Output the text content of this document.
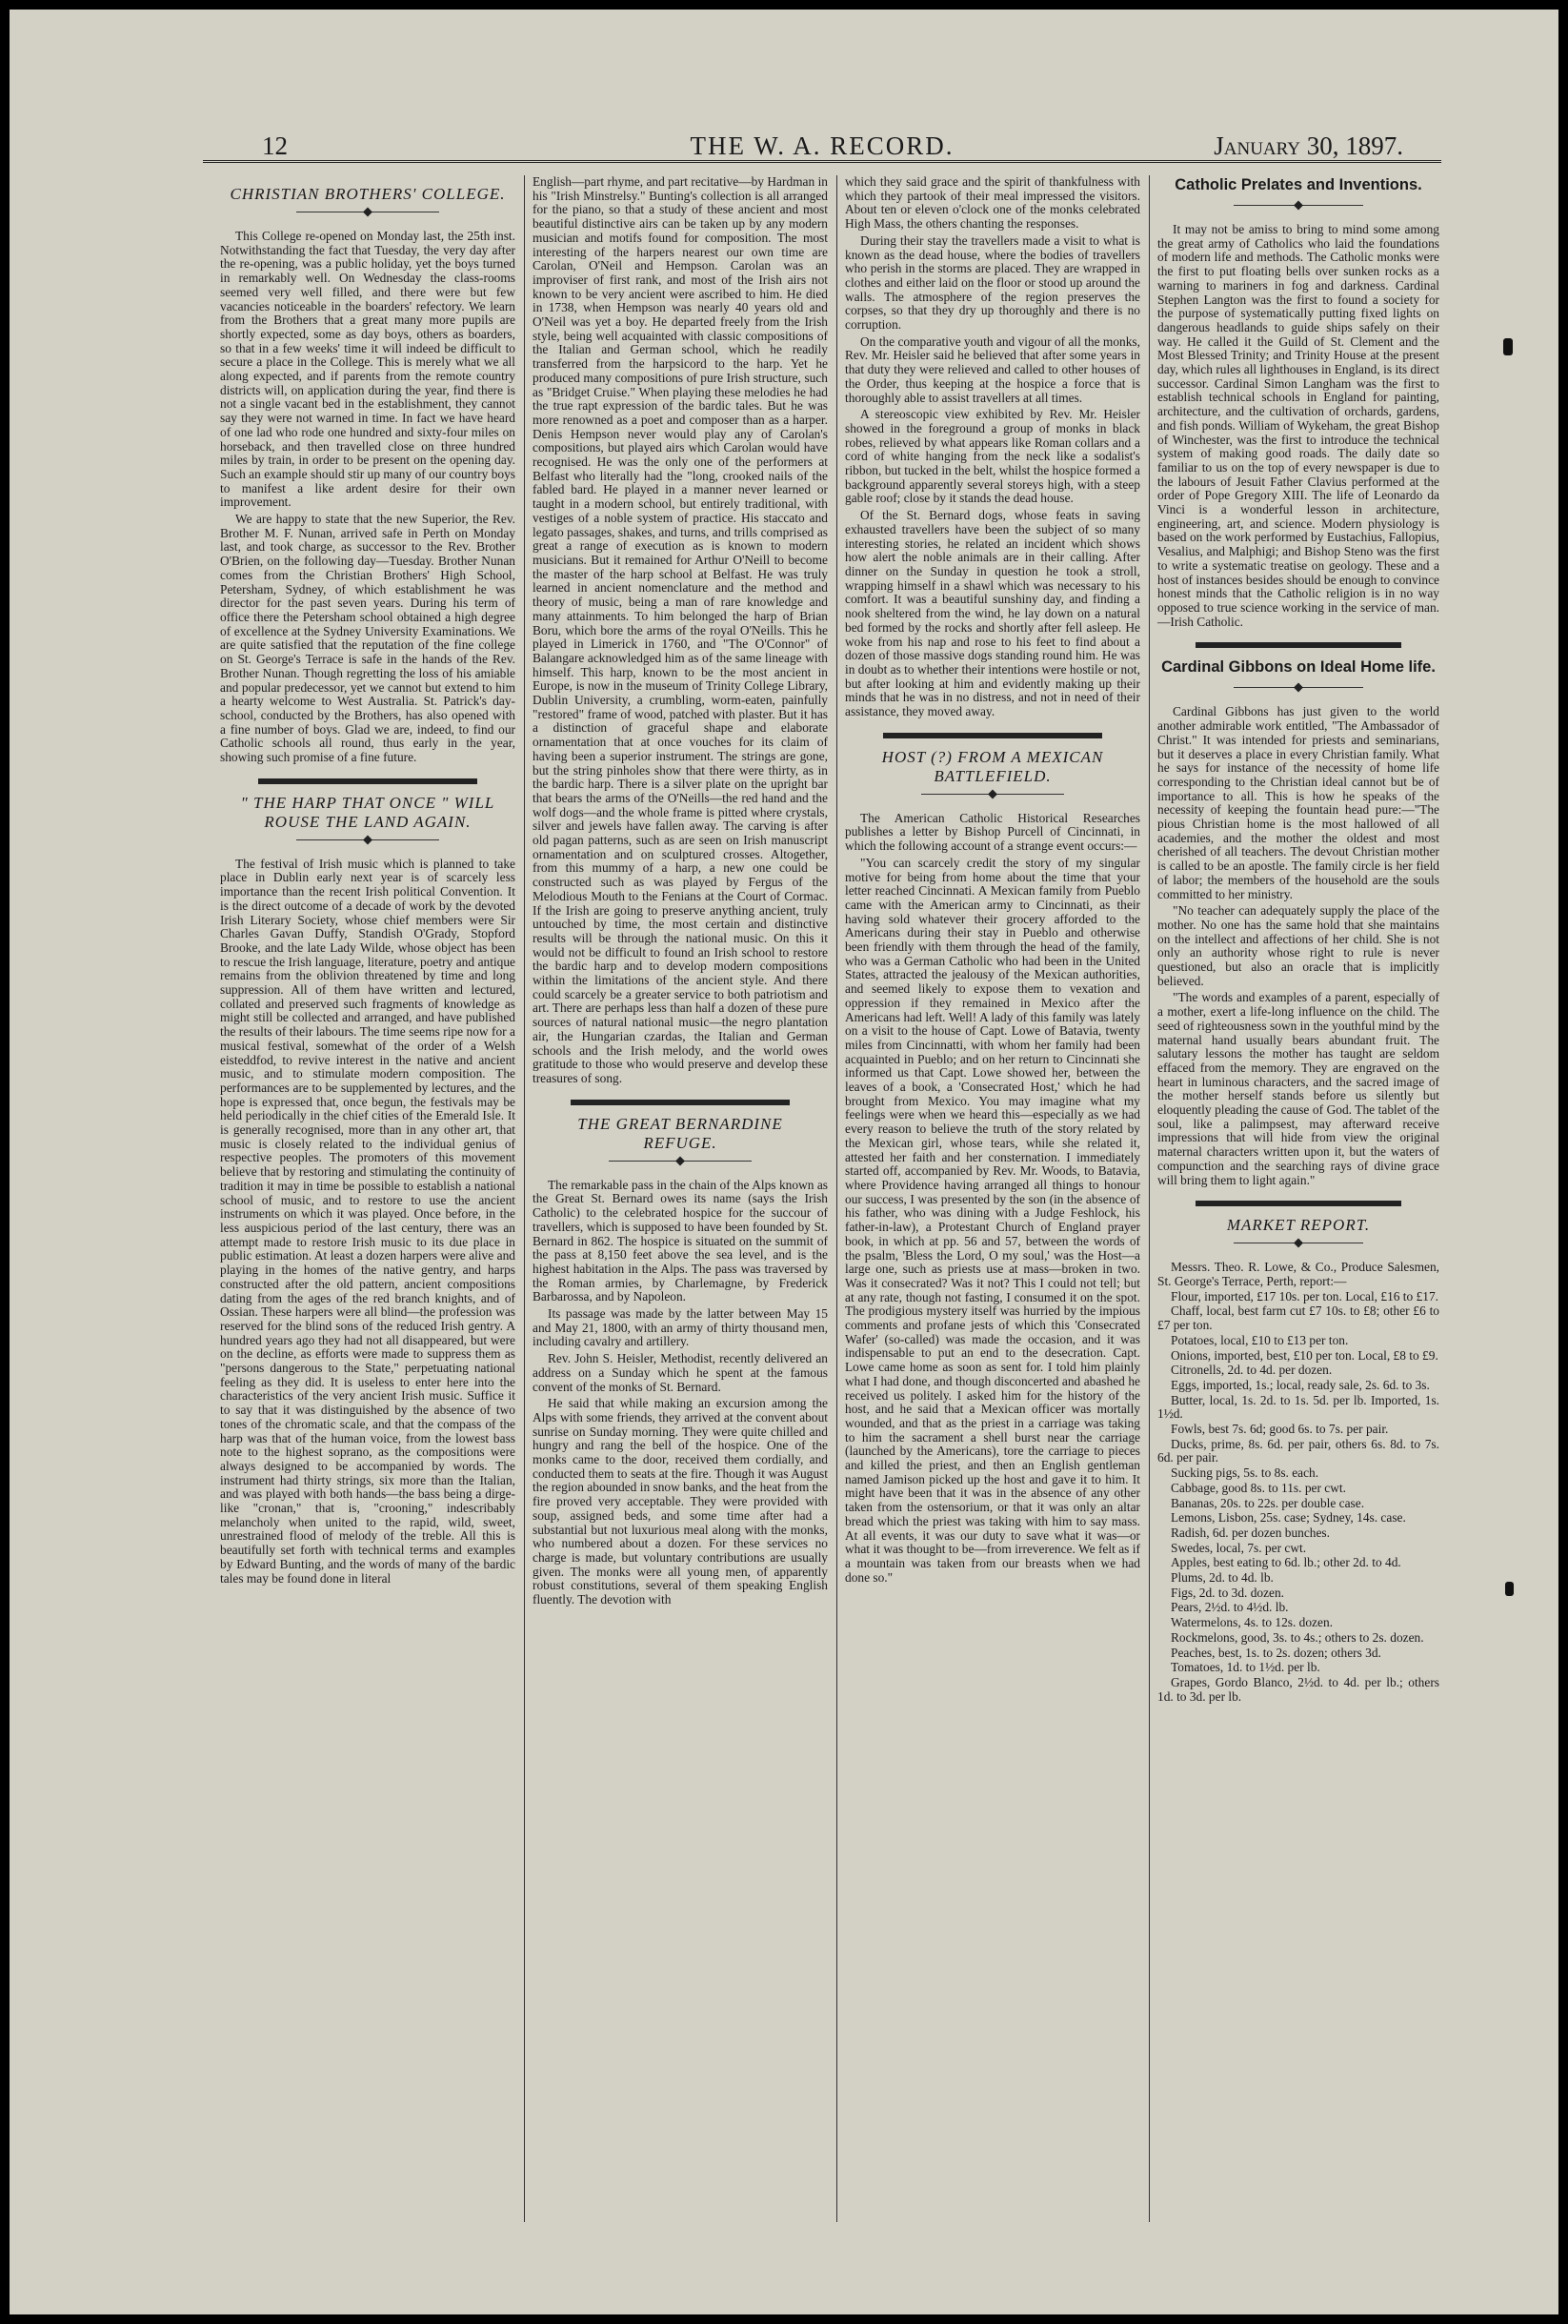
12	THE W. A. RECORD.	January 30, 1897.
CHRISTIAN BROTHERS' COLLEGE.

This College re-opened on Monday last, the 25th inst. Notwithstanding the fact that Tuesday, the very day after the re-opening, was a public holiday, yet the boys turned in remarkably well. On Wednesday the class-rooms seemed very well filled, and there were but few vacancies noticeable in the boarders' refectory. We learn from the Brothers that a great many more pupils are shortly expected, some as day boys, others as boarders, so that in a few weeks' time it will indeed be difficult to secure a place in the College. This is merely what we all along expected, and if parents from the remote country districts will, on application during the year, find there is not a single vacant bed in the establishment, they cannot say they were not warned in time. In fact we have heard of one lad who rode one hundred and sixty-four miles on horseback, and then travelled close on three hundred miles by train, in order to be present on the opening day. Such an example should stir up many of our country boys to manifest a like ardent desire for their own improvement.

We are happy to state that the new Superior, the Rev. Brother M. F. Nunan, arrived safe in Perth on Monday last, and took charge, as successor to the Rev. Brother O'Brien, on the following day—Tuesday. Brother Nunan comes from the Christian Brothers' High School, Petersham, Sydney, of which establishment he was director for the past seven years. During his term of office there the Petersham school obtained a high degree of excellence at the Sydney University Examinations. We are quite satisfied that the reputation of the fine college on St. George's Terrace is safe in the hands of the Rev. Brother Nunan. Though regretting the loss of his amiable and popular predecessor, yet we cannot but extend to him a hearty welcome to West Australia. St. Patrick's day-school, conducted by the Brothers, has also opened with a fine number of boys. Glad we are, indeed, to find our Catholic schools all round, thus early in the year, showing such promise of a fine future.

" THE HARP THAT ONCE " WILL ROUSE THE LAND AGAIN.

The festival of Irish music which is planned to take place in Dublin early next year is of scarcely less importance than the recent Irish political Convention. It is the direct outcome of a decade of work by the devoted Irish Literary Society, whose chief members were Sir Charles Gavan Duffy, Standish O'Grady, Stopford Brooke, and the late Lady Wilde, whose object has been to rescue the Irish language, literature, poetry and antique remains from the oblivion threatened by time and long suppression. All of them have written and lectured, collated and preserved such fragments of knowledge as might still be collected and arranged, and have published the results of their labours. The time seems ripe now for a musical festival, somewhat of the order of a Welsh eisteddfod, to revive interest in the native and ancient music, and to stimulate modern composition. The performances are to be supplemented by lectures, and the hope is expressed that, once begun, the festivals may be held periodically in the chief cities of the Emerald Isle. It is generally recognised, more than in any other art, that music is closely related to the individual genius of respective peoples. The promoters of this movement believe that by restoring and stimulating the continuity of tradition it may in time be possible to establish a national school of music, and to restore to use the ancient instruments on which it was played. Once before, in the less auspicious period of the last century, there was an attempt made to restore Irish music to its due place in public estimation. At least a dozen harpers were alive and playing in the homes of the native gentry, and harps constructed after the old pattern, ancient compositions dating from the ages of the red branch knights, and of Ossian. These harpers were all blind—the profession was reserved for the blind sons of the reduced Irish gentry. A hundred years ago they had not all disappeared, but were on the decline, as efforts were made to suppress them as "persons dangerous to the State," perpetuating national feeling as they did. It is useless to enter here into the characteristics of the very ancient Irish music. Suffice it to say that it was distinguished by the absence of two tones of the chromatic scale, and that the compass of the harp was that of the human voice, from the lowest bass note to the highest soprano, as the compositions were always designed to be accompanied by words. The instrument had thirty strings, six more than the Italian, and was played with both hands—the bass being a dirge-like "cronan," that is, "crooning," indescribably melancholy when united to the rapid, wild, sweet, unrestrained flood of melody of the treble. All this is beautifully set forth with technical terms and examples by Edward Bunting, and the words of many of the bardic tales may be found done in literal

English—part rhyme, and part recitative—by Hardman in his "Irish Minstrelsy." Bunting's collection is all arranged for the piano, so that a study of these ancient and most beautiful distinctive airs can be taken up by any modern musician and motifs found for composition. The most interesting of the harpers nearest our own time are Carolan, O'Neil and Hempson. Carolan was an improviser of first rank, and most of the Irish airs not known to be very ancient were ascribed to him. He died in 1738, when Hempson was nearly 40 years old and O'Neil was yet a boy. He departed freely from the Irish style, being well acquainted with classic compositions of the Italian and German school, which he readily transferred from the harpsicord to the harp. Yet he produced many compositions of pure Irish structure, such as "Bridget Cruise." When playing these melodies he had the true rapt expression of the bardic tales. But he was more renowned as a poet and composer than as a harper. Denis Hempson never would play any of Carolan's compositions, but played airs which Carolan would have recognised. He was the only one of the performers at Belfast who literally had the "long, crooked nails of the fabled bard. He played in a manner never learned or taught in a modern school, but entirely traditional, with vestiges of a noble system of practice. His staccato and legato passages, shakes, and turns, and trills comprised as great a range of execution as is known to modern musicians. But it remained for Arthur O'Neill to become the master of the harp school at Belfast. He was truly learned in ancient nomenclature and the method and theory of music, being a man of rare knowledge and many attainments. To him belonged the harp of Brian Boru, which bore the arms of the royal O'Neills. This he played in Limerick in 1760, and "The O'Connor" of Balangare acknowledged him as of the same lineage with himself. This harp, known to be the most ancient in Europe, is now in the museum of Trinity College Library, Dublin University, a crumbling, worm-eaten, painfully "restored" frame of wood, patched with plaster. But it has a distinction of graceful shape and elaborate ornamentation that at once vouches for its claim of having been a superior instrument. The strings are gone, but the string pinholes show that there were thirty, as in the bardic harp. There is a silver plate on the upright bar that bears the arms of the O'Neills—the red hand and the wolf dogs—and the whole frame is pitted where crystals, silver and jewels have fallen away. The carving is after old pagan patterns, such as are seen on Irish manuscript ornamentation and on sculptured crosses. Altogether, from this mummy of a harp, a new one could be constructed such as was played by Fergus of the Melodious Mouth to the Fenians at the Court of Cormac. If the Irish are going to preserve anything ancient, truly untouched by time, the most certain and distinctive results will be through the national music. On this it would not be difficult to found an Irish school to restore the bardic harp and to develop modern compositions within the limitations of the ancient style. And there could scarcely be a greater service to both patriotism and art. There are perhaps less than half a dozen of these pure sources of natural national music—the negro plantation air, the Hungarian czardas, the Italian and German schools and the Irish melody, and the world owes gratitude to those who would preserve and develop these treasures of song.

THE GREAT BERNARDINE REFUGE.

The remarkable pass in the chain of the Alps known as the Great St. Bernard owes its name (says the Irish Catholic) to the celebrated hospice for the succour of travellers, which is supposed to have been founded by St. Bernard in 862. The hospice is situated on the summit of the pass at 8,150 feet above the sea level, and is the highest habitation in the Alps. The pass was traversed by the Roman armies, by Charlemagne, by Frederick Barbarossa, and by Napoleon.

Its passage was made by the latter between May 15 and May 21, 1800, with an army of thirty thousand men, including cavalry and artillery.

Rev. John S. Heisler, Methodist, recently delivered an address on a Sunday which he spent at the famous convent of the monks of St. Bernard.

He said that while making an excursion among the Alps with some friends, they arrived at the convent about sunrise on Sunday morning. They were quite chilled and hungry and rang the bell of the hospice. One of the monks came to the door, received them cordially, and conducted them to seats at the fire. Though it was August the region abounded in snow banks, and the heat from the fire proved very acceptable. They were provided with soup, assigned beds, and some time after had a substantial but not luxurious meal along with the monks, who numbered about a dozen. For these services no charge is made, but voluntary contributions are usually given. The monks were all young men, of apparently robust constitutions, several of them speaking English fluently. The devotion with

which they said grace and the spirit of thankfulness with which they partook of their meal impressed the visitors. About ten or eleven o'clock one of the monks celebrated High Mass, the others chanting the responses.

During their stay the travellers made a visit to what is known as the dead house, where the bodies of travellers who perish in the storms are placed. They are wrapped in clothes and either laid on the floor or stood up around the walls. The atmosphere of the region preserves the corpses, so that they dry up thoroughly and there is no corruption.

On the comparative youth and vigour of all the monks, Rev. Mr. Heisler said he believed that after some years in that duty they were relieved and called to other houses of the Order, thus keeping at the hospice a force that is thoroughly able to assist travellers at all times.

A stereoscopic view exhibited by Rev. Mr. Heisler showed in the foreground a group of monks in black robes, relieved by what appears like Roman collars and a cord of white hanging from the neck like a sodalist's ribbon, but tucked in the belt, whilst the hospice formed a background apparently several storeys high, with a steep gable roof; close by it stands the dead house.

Of the St. Bernard dogs, whose feats in saving exhausted travellers have been the subject of so many interesting stories, he related an incident which shows how alert the noble animals are in their calling. After dinner on the Sunday in question he took a stroll, wrapping himself in a shawl which was necessary to his comfort. It was a beautiful sunshiny day, and finding a nook sheltered from the wind, he lay down on a natural bed formed by the rocks and shortly after fell asleep. He woke from his nap and rose to his feet to find about a dozen of those massive dogs standing round him. He was in doubt as to whether their intentions were hostile or not, but after looking at him and evidently making up their minds that he was in no distress, and not in need of their assistance, they moved away.

HOST (?) FROM A MEXICAN BATTLEFIELD.

The American Catholic Historical Researches publishes a letter by Bishop Purcell of Cincinnati, in which the following account of a strange event occurs:—

"You can scarcely credit the story of my singular motive for being from home about the time that your letter reached Cincinnati. A Mexican family from Pueblo came with the American army to Cincinnati, as their having sold whatever their grocery afforded to the Americans during their stay in Pueblo and otherwise been friendly with them through the head of the family, who was a German Catholic who had been in the United States, attracted the jealousy of the Mexican authorities, and seemed likely to expose them to vexation and oppression if they remained in Mexico after the Americans had left. Well! A lady of this family was lately on a visit to the house of Capt. Lowe of Batavia, twenty miles from Cincinnatti, with whom her family had been acquainted in Pueblo; and on her return to Cincinnati she informed us that Capt. Lowe showed her, between the leaves of a book, a 'Consecrated Host,' which he had brought from Mexico. You may imagine what my feelings were when we heard this—especially as we had every reason to believe the truth of the story related by the Mexican girl, whose tears, while she related it, attested her faith and her consternation. I immediately started off, accompanied by Rev. Mr. Woods, to Batavia, where Providence having arranged all things to honour our success, I was presented by the son (in the absence of his father, who was dining with a Judge Feshlock, his father-in-law), a Protestant Church of England prayer book, in which at pp. 56 and 57, between the words of the psalm, 'Bless the Lord, O my soul,' was the Host—a large one, such as priests use at mass—broken in two. Was it consecrated? Was it not? This I could not tell; but at any rate, though not fasting, I consumed it on the spot. The prodigious mystery itself was hurried by the impious comments and profane jests of which this 'Consecrated Wafer' (so-called) was made the occasion, and it was indispensable to put an end to the desecration. Capt. Lowe came home as soon as sent for. I told him plainly what I had done, and though disconcerted and abashed he received us politely. I asked him for the history of the host, and he said that a Mexican officer was mortally wounded, and that as the priest in a carriage was taking to him the sacrament a shell burst near the carriage (launched by the Americans), tore the carriage to pieces and killed the priest, and then an English gentleman named Jamison picked up the host and gave it to him. It might have been that it was in the absence of any other taken from the ostensorium, or that it was only an altar bread which the priest was taking with him to say mass. At all events, it was our duty to save what it was—or what it was thought to be—from irreverence. We felt as if a mountain was taken from our breasts when we had done so."

Catholic Prelates and Inventions.

It may not be amiss to bring to mind some among the great army of Catholics who laid the foundations of modern life and methods. The Catholic monks were the first to put floating bells over sunken rocks as a warning to mariners in fog and darkness. Cardinal Stephen Langton was the first to found a society for the purpose of systematically putting fixed lights on dangerous headlands to guide ships safely on their way. He called it the Guild of St. Clement and the Most Blessed Trinity; and Trinity House at the present day, which rules all lighthouses in England, is its direct successor. Cardinal Simon Langham was the first to establish technical schools in England for painting, architecture, and the cultivation of orchards, gardens, and fish ponds. William of Wykeham, the great Bishop of Winchester, was the first to introduce the technical system of making good roads. The daily date so familiar to us on the top of every newspaper is due to the labours of Jesuit Father Clavius performed at the order of Pope Gregory XIII. The life of Leonardo da Vinci is a wonderful lesson in architecture, engineering, art, and science. Modern physiology is based on the work performed by Eustachius, Fallopius, Vesalius, and Malphigi; and Bishop Steno was the first to write a systematic treatise on geology. These and a host of instances besides should be enough to convince honest minds that the Catholic religion is in no way opposed to true science working in the service of man.—Irish Catholic.

Cardinal Gibbons on Ideal Home life.

Cardinal Gibbons has just given to the world another admirable work entitled, "The Ambassador of Christ." It was intended for priests and seminarians, but it deserves a place in every Christian family. What he says for instance of the necessity of home life corresponding to the Christian ideal cannot but be of importance to all. This is how he speaks of the necessity of keeping the fountain head pure:—"The pious Christian home is the most hallowed of all academies, and the mother the oldest and most cherished of all teachers. The devout Christian mother is called to be an apostle. The family circle is her field of labor; the members of the household are the souls committed to her ministry.

"No teacher can adequately supply the place of the mother. No one has the same hold that she maintains on the intellect and affections of her child. She is not only an authority whose right to rule is never questioned, but also an oracle that is implicitly believed.

"The words and examples of a parent, especially of a mother, exert a life-long influence on the child. The seed of righteousness sown in the youthful mind by the maternal hand usually bears abundant fruit. The salutary lessons the mother has taught are seldom effaced from the memory. They are engraved on the heart in luminous characters, and the sacred image of the mother herself stands before us silently but eloquently pleading the cause of God. The tablet of the soul, like a palimpsest, may afterward receive impressions that will hide from view the original maternal characters written upon it, but the waters of compunction and the searching rays of divine grace will bring them to light again."

MARKET REPORT.

Messrs. Theo. R. Lowe, & Co., Produce Salesmen, St. George's Terrace, Perth, report:—

Flour, imported, £17 10s. per ton. Local, £16 to £17.

Chaff, local, best farm cut £7 10s. to £8; other £6 to £7 per ton.

Potatoes, local, £10 to £13 per ton.

Onions, imported, best, £10 per ton. Local, £8 to £9.

Citronells, 2d. to 4d. per dozen.

Eggs, imported, 1s.; local, ready sale, 2s. 6d. to 3s.

Butter, local, 1s. 2d. to 1s. 5d. per lb. Imported, 1s. 1½d.

Fowls, best 7s. 6d; good 6s. to 7s. per pair.

Ducks, prime, 8s. 6d. per pair, others 6s. 8d. to 7s. 6d. per pair.

Sucking pigs, 5s. to 8s. each.

Cabbage, good 8s. to 11s. per cwt.

Bananas, 20s. to 22s. per double case.

Lemons, Lisbon, 25s. case; Sydney, 14s. case.

Radish, 6d. per dozen bunches.

Swedes, local, 7s. per cwt.

Apples, best eating to 6d. lb.; other 2d. to 4d.

Plums, 2d. to 4d. lb.

Figs, 2d. to 3d. dozen.

Pears, 2½d. to 4½d. lb.

Watermelons, 4s. to 12s. dozen.

Rockmelons, good, 3s. to 4s.; others to 2s. dozen.

Peaches, best, 1s. to 2s. dozen; others 3d.

Tomatoes, 1d. to 1½d. per lb.

Grapes, Gordo Blanco, 2½d. to 4d. per lb.; others 1d. to 3d. per lb.
